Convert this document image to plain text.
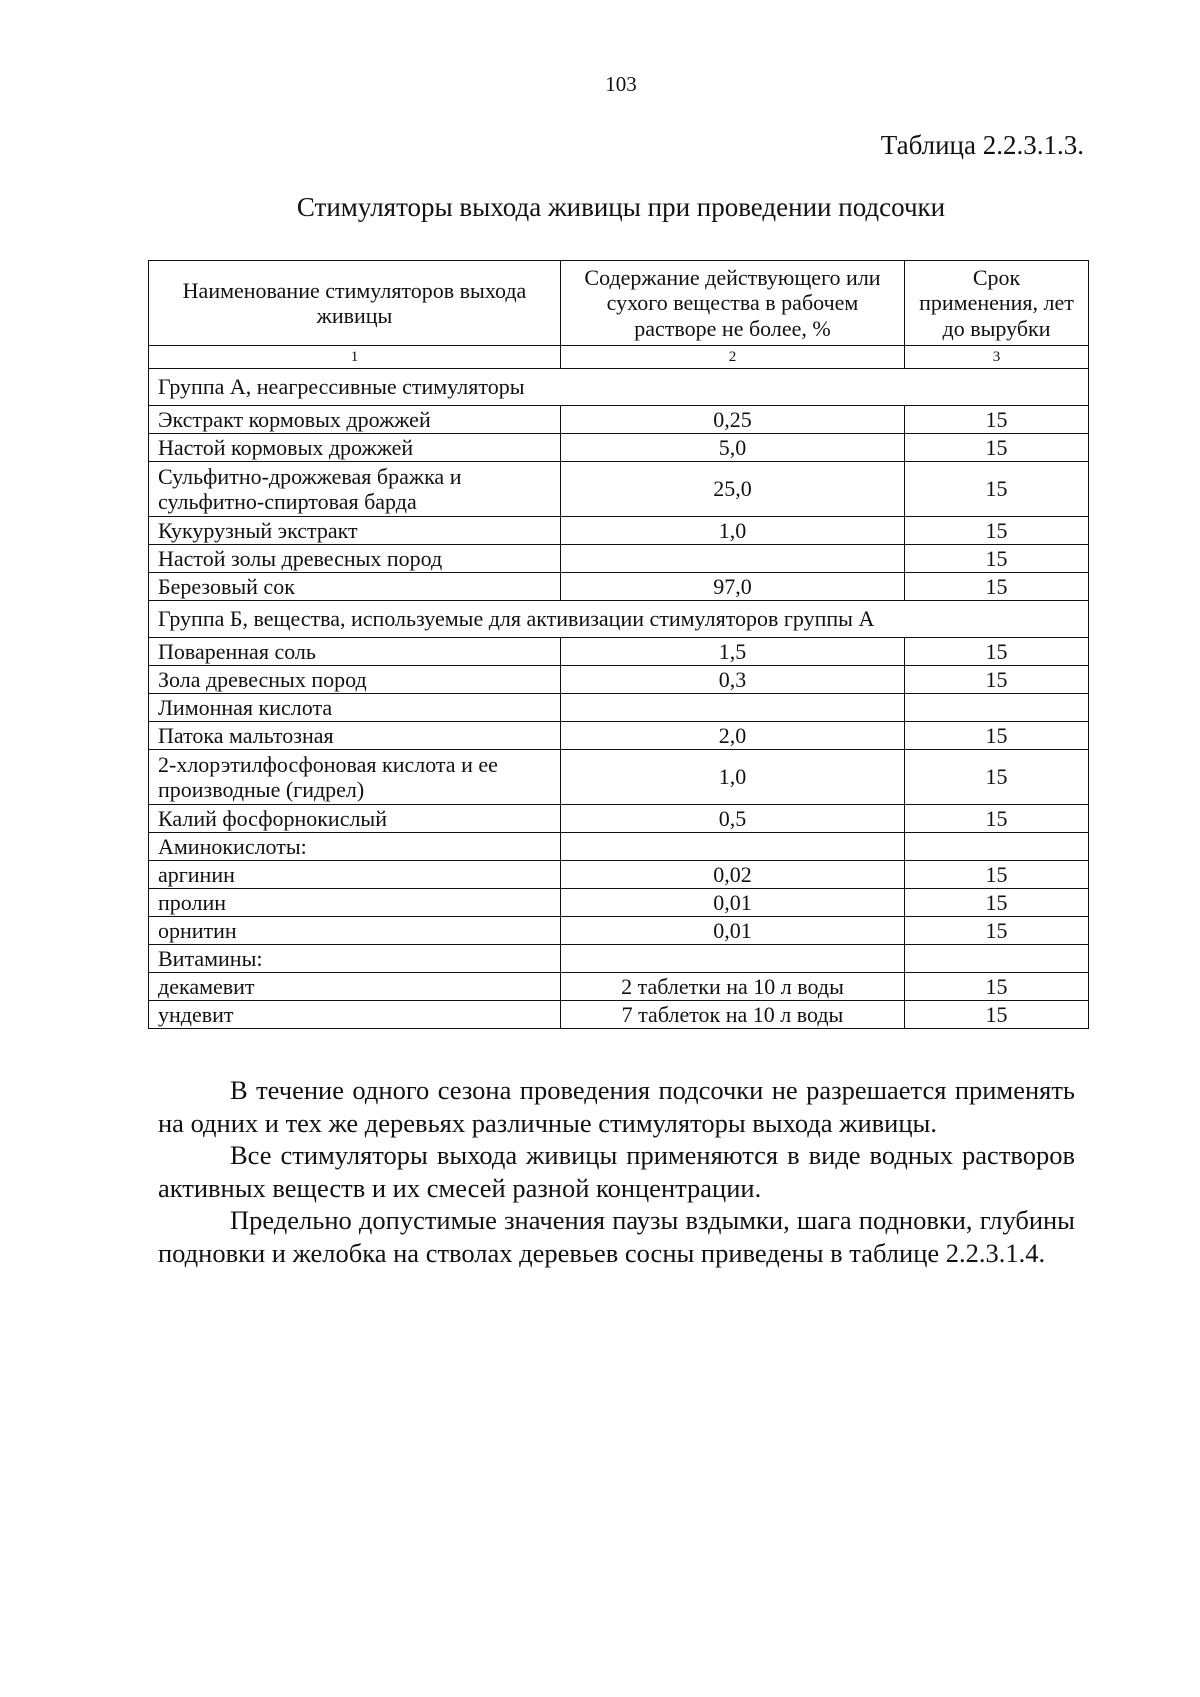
103
Таблица 2.2.3.1.3.
Стимуляторы выхода живицы при проведении подсочки
Наименование стимуляторов выхода живицы	Содержание действующего или сухого вещества в рабочем растворе не более, %	Срок применения, лет до вырубки
1	2	3
Группа А, неагрессивные стимуляторы		
Экстракт кормовых дрожжей	0,25	15
Настой кормовых дрожжей	5,0	15
Сульфитно-дрожжевая бражка и сульфитно-спиртовая барда	25,0	15
Кукурузный экстракт	1,0	15
Настой золы древесных пород		15
Березовый сок	97,0	15
Группа Б, вещества, используемые для активизации стимуляторов группы А		
Поваренная соль	1,5	15
Зола древесных пород	0,3	15
Лимонная кислота		
Патока мальтозная	2,0	15
2-хлорэтилфосфоновая кислота и ее производные (гидрел)	1,0	15
Калий фосфорнокислый	0,5	15
Аминокислоты:		
аргинин	0,02	15
пролин	0,01	15
орнитин	0,01	15
Витамины:		
декамевит	2 таблетки на 10 л воды	15
ундевит	7 таблеток на 10 л воды	15

В течение одного сезона проведения подсочки не разрешается применять на одних и тех же деревьях различные стимуляторы выхода живицы.

Все стимуляторы выхода живицы применяются в виде водных растворов активных веществ и их смесей разной концентрации.

Предельно допустимые значения паузы вздымки, шага подновки, глубины подновки и желобка на стволах деревьев сосны приведены в таблице 2.2.3.1.4.
